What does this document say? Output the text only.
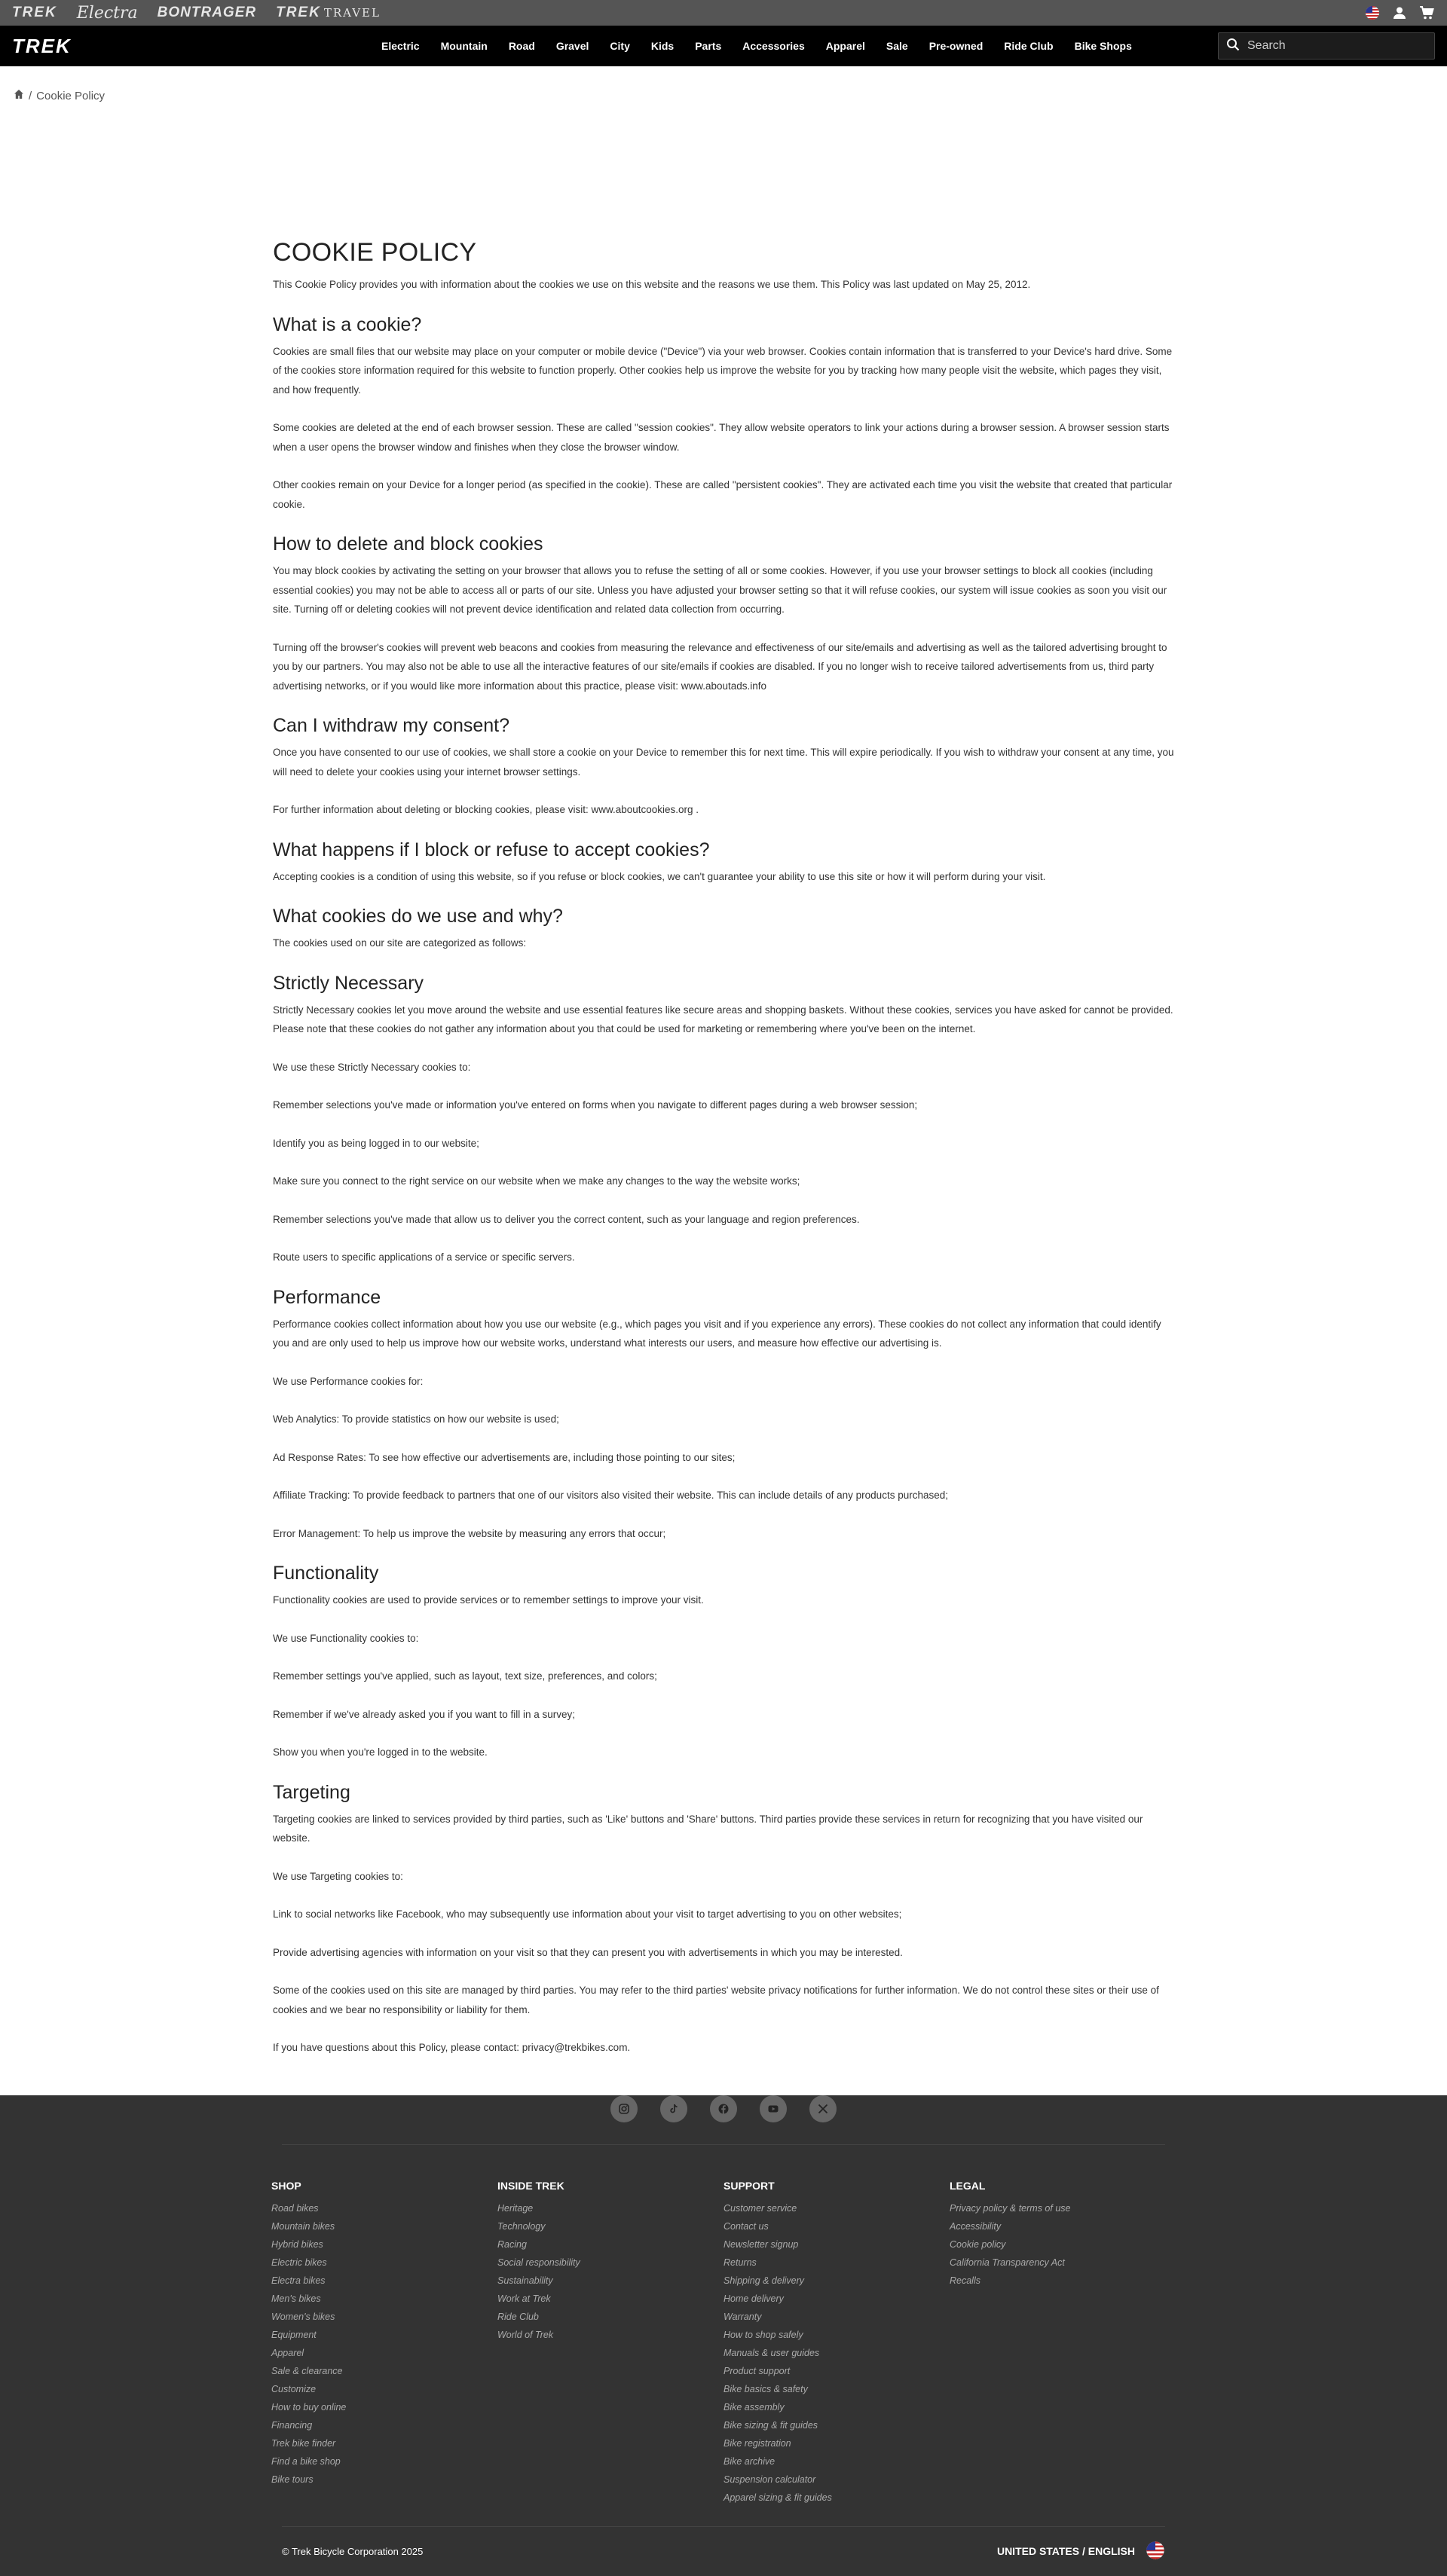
TREK Electra BONTRAGER TREK TRAVEL
TREK	Electric Mountain Road Gravel City Kids Parts Accessories Apparel Sale Pre-owned Ride Club Bike Shops
Search
/ Cookie Policy
COOKIE POLICY

This Cookie Policy provides you with information about the cookies we use on this website and the reasons we use them. This Policy was last updated on May 25, 2012.

What is a cookie?

Cookies are small files that our website may place on your computer or mobile device ("Device") via your web browser. Cookies contain information that is transferred to your Device's hard drive. Some of the cookies store information required for this website to function properly. Other cookies help us improve the website for you by tracking how many people visit the website, which pages they visit, and how frequently.

Some cookies are deleted at the end of each browser session. These are called "session cookies". They allow website operators to link your actions during a browser session. A browser session starts when a user opens the browser window and finishes when they close the browser window.

Other cookies remain on your Device for a longer period (as specified in the cookie). These are called "persistent cookies". They are activated each time you visit the website that created that particular cookie.

How to delete and block cookies

You may block cookies by activating the setting on your browser that allows you to refuse the setting of all or some cookies. However, if you use your browser settings to block all cookies (including essential cookies) you may not be able to access all or parts of our site. Unless you have adjusted your browser setting so that it will refuse cookies, our system will issue cookies as soon you visit our site. Turning off or deleting cookies will not prevent device identification and related data collection from occurring.

Turning off the browser's cookies will prevent web beacons and cookies from measuring the relevance and effectiveness of our site/emails and advertising as well as the tailored advertising brought to you by our partners. You may also not be able to use all the interactive features of our site/emails if cookies are disabled. If you no longer wish to receive tailored advertisements from us, third party advertising networks, or if you would like more information about this practice, please visit: www.aboutads.info

Can I withdraw my consent?

Once you have consented to our use of cookies, we shall store a cookie on your Device to remember this for next time. This will expire periodically. If you wish to withdraw your consent at any time, you will need to delete your cookies using your internet browser settings.

For further information about deleting or blocking cookies, please visit: www.aboutcookies.org .

What happens if I block or refuse to accept cookies?

Accepting cookies is a condition of using this website, so if you refuse or block cookies, we can't guarantee your ability to use this site or how it will perform during your visit.

What cookies do we use and why?

The cookies used on our site are categorized as follows:

Strictly Necessary

Strictly Necessary cookies let you move around the website and use essential features like secure areas and shopping baskets. Without these cookies, services you have asked for cannot be provided. Please note that these cookies do not gather any information about you that could be used for marketing or remembering where you've been on the internet.

We use these Strictly Necessary cookies to:

Remember selections you've made or information you've entered on forms when you navigate to different pages during a web browser session;

Identify you as being logged in to our website;

Make sure you connect to the right service on our website when we make any changes to the way the website works;

Remember selections you've made that allow us to deliver you the correct content, such as your language and region preferences.

Route users to specific applications of a service or specific servers.

Performance

Performance cookies collect information about how you use our website (e.g., which pages you visit and if you experience any errors). These cookies do not collect any information that could identify you and are only used to help us improve how our website works, understand what interests our users, and measure how effective our advertising is.

We use Performance cookies for:

Web Analytics: To provide statistics on how our website is used;

Ad Response Rates: To see how effective our advertisements are, including those pointing to our sites;

Affiliate Tracking: To provide feedback to partners that one of our visitors also visited their website. This can include details of any products purchased;

Error Management: To help us improve the website by measuring any errors that occur;

Functionality

Functionality cookies are used to provide services or to remember settings to improve your visit.

We use Functionality cookies to:

Remember settings you've applied, such as layout, text size, preferences, and colors;

Remember if we've already asked you if you want to fill in a survey;

Show you when you're logged in to the website.

Targeting

Targeting cookies are linked to services provided by third parties, such as 'Like' buttons and 'Share' buttons. Third parties provide these services in return for recognizing that you have visited our website.

We use Targeting cookies to:

Link to social networks like Facebook, who may subsequently use information about your visit to target advertising to you on other websites;

Provide advertising agencies with information on your visit so that they can present you with advertisements in which you may be interested.

Some of the cookies used on this site are managed by third parties. You may refer to the third parties' website privacy notifications for further information. We do not control these sites or their use of cookies and we bear no responsibility or liability for them.

If you have questions about this Policy, please contact: privacy@trekbikes.com.

SHOP
Road bikes
Mountain bikes
Hybrid bikes
Electric bikes
Electra bikes
Men's bikes
Women's bikes
Equipment
Apparel
Sale & clearance
Customize
How to buy online
Financing
Trek bike finder
Find a bike shop
Bike tours
INSIDE TREK
Heritage
Technology
Racing
Social responsibility
Sustainability
Work at Trek
Ride Club
World of Trek
SUPPORT
Customer service
Contact us
Newsletter signup
Returns
Shipping & delivery
Home delivery
Warranty
How to shop safely
Manuals & user guides
Product support
Bike basics & safety
Bike assembly
Bike sizing & fit guides
Bike registration
Bike archive
Suspension calculator
Apparel sizing & fit guides
LEGAL
Privacy policy & terms of use
Accessibility
Cookie policy
California Transparency Act
Recalls
© Trek Bicycle Corporation 2025	UNITED STATES / ENGLISH
